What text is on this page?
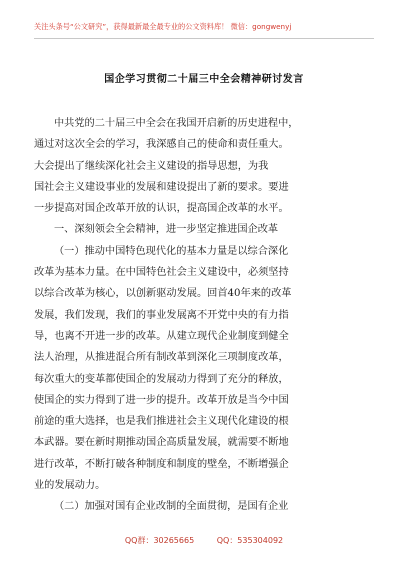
关注头条号“公文研究”，获得最新最全最专业的公文资料库！ 微信：gongwenyj
国企学习贯彻二十届三中全会精神研讨发言
中共党的二十届三中全会在我国开启新的历史进程中，
通过对这次全会的学习，我深感自己的使命和责任重大。
大会提出了继续深化社会主义建设的指导思想，为我
国社会主义建设事业的发展和建设提出了新的要求。要进
一步提高对国企改革开放的认识，提高国企改革的水平。
一、深刻领会全会精神，进一步坚定推进国企改革
（一）推动中国特色现代化的基本力量是以综合深化
改革为基本力量。在中国特色社会主义建设中，必须坚持
以综合改革为核心，以创新驱动发展。回首40年来的改革
发展，我们发现，我们的事业发展离不开党中央的有力指
导，也离不开进一步的改革。从建立现代企业制度到健全
法人治理，从推进混合所有制改革到深化三项制度改革，
每次重大的变革都使国企的发展动力得到了充分的释放，
使国企的实力得到了进一步的提升。改革开放是当今中国
前途的重大选择，也是我们推进社会主义现代化建设的根
本武器。要在新时期推动国企高质量发展，就需要不断地
进行改革，不断打破各种制度和制度的壁垒，不断增强企
业的发展动力。
（二）加强对国有企业改制的全面贯彻，是国有企业
QQ群：30265665	QQ：535304092
